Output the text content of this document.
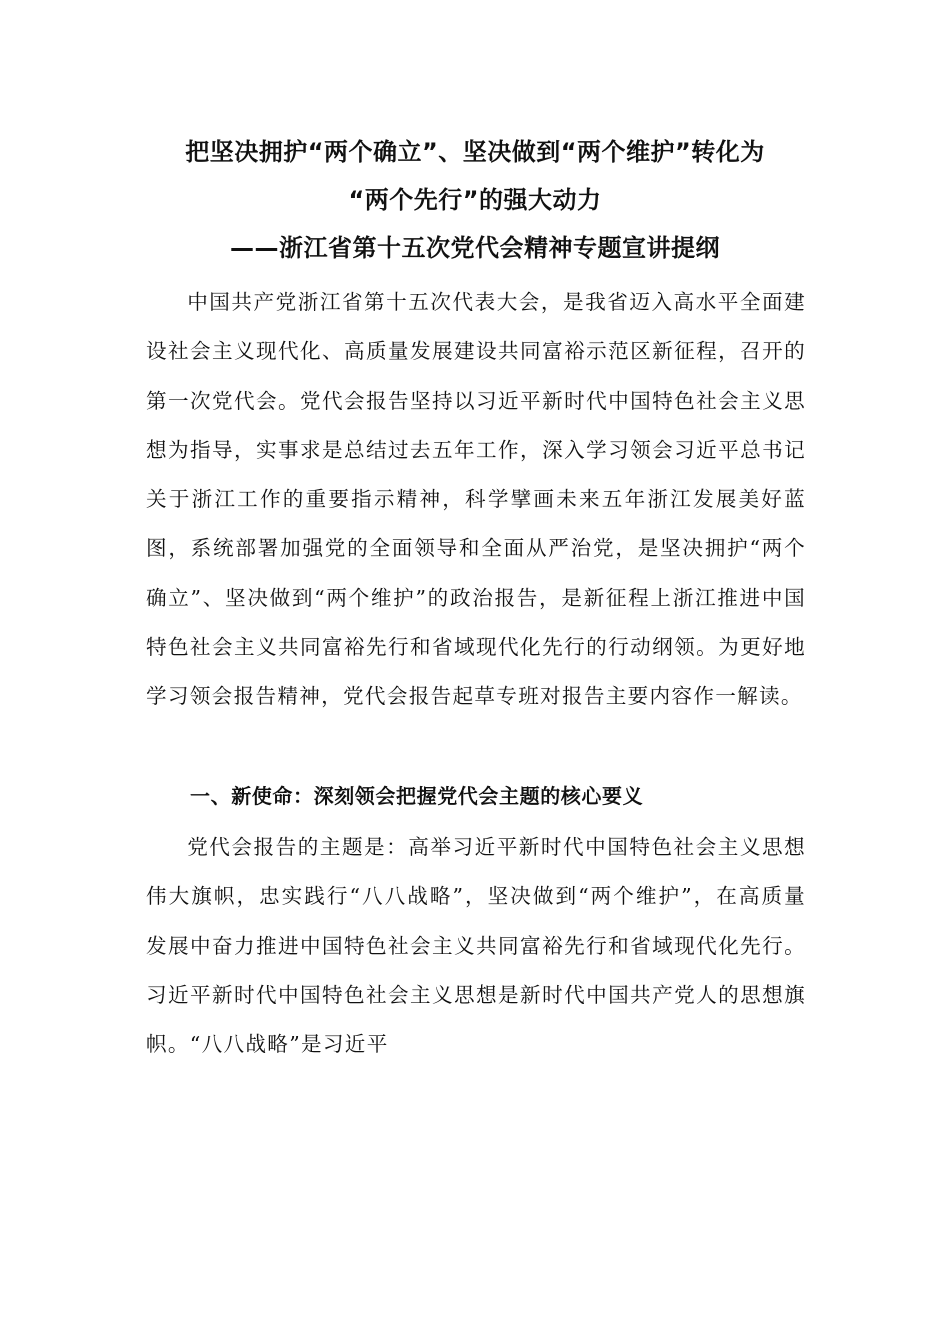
把坚决拥护“两个确立”、坚决做到“两个维护”转化为
“两个先行”的强大动力
——浙江省第十五次党代会精神专题宣讲提纲

中国共产党浙江省第十五次代表大会，是我省迈入高水平全面建设社会主义现代化、高质量发展建设共同富裕示范区新征程，召开的第一次党代会。党代会报告坚持以习近平新时代中国特色社会主义思想为指导，实事求是总结过去五年工作，深入学习领会习近平总书记关于浙江工作的重要指示精神，科学擘画未来五年浙江发展美好蓝图，系统部署加强党的全面领导和全面从严治党，是坚决拥护“两个确立”、坚决做到“两个维护”的政治报告，是新征程上浙江推进中国特色社会主义共同富裕先行和省域现代化先行的行动纲领。为更好地学习领会报告精神，党代会报告起草专班对报告主要内容作一解读。

一、新使命：深刻领会把握党代会主题的核心要义

党代会报告的主题是：高举习近平新时代中国特色社会主义思想伟大旗帜，忠实践行“八八战略”，坚决做到“两个维护”，在高质量发展中奋力推进中国特色社会主义共同富裕先行和省域现代化先行。习近平新时代中国特色社会主义思想是新时代中国共产党人的思想旗帜。“八八战略”是习近平
